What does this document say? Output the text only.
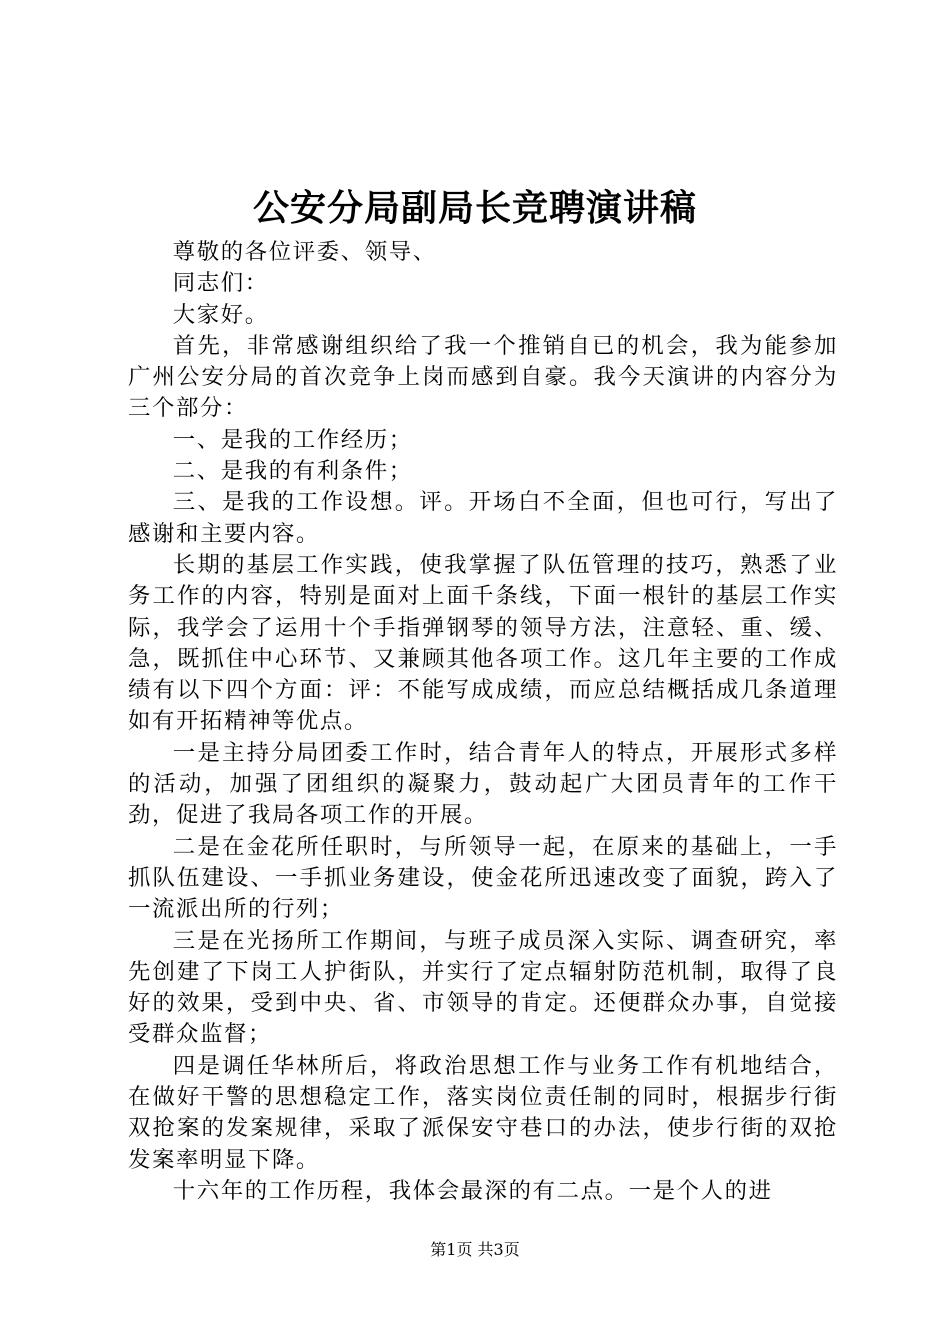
公安分局副局长竞聘演讲稿

尊敬的各位评委、领导、

同志们：

大家好。

首先，非常感谢组织给了我一个推销自已的机会，我为能参加广州公安分局的首次竞争上岗而感到自豪。我今天演讲的内容分为三个部分：

一、是我的工作经历；

二、是我的有利条件；

三、是我的工作设想。评。开场白不全面，但也可行，写出了感谢和主要内容。

长期的基层工作实践，使我掌握了队伍管理的技巧，熟悉了业务工作的内容，特别是面对上面千条线，下面一根针的基层工作实际，我学会了运用十个手指弹钢琴的领导方法，注意轻、重、缓、急，既抓住中心环节、又兼顾其他各项工作。这几年主要的工作成绩有以下四个方面：评：不能写成成绩，而应总结概括成几条道理如有开拓精神等优点。

一是主持分局团委工作时，结合青年人的特点，开展形式多样的活动，加强了团组织的凝聚力，鼓动起广大团员青年的工作干劲，促进了我局各项工作的开展。

二是在金花所任职时，与所领导一起，在原来的基础上，一手抓队伍建设、一手抓业务建设，使金花所迅速改变了面貌，跨入了一流派出所的行列；

三是在光扬所工作期间，与班子成员深入实际、调查研究，率先创建了下岗工人护街队，并实行了定点辐射防范机制，取得了良好的效果，受到中央、省、市领导的肯定。还便群众办事，自觉接受群众监督；

四是调任华林所后，将政治思想工作与业务工作有机地结合，在做好干警的思想稳定工作，落实岗位责任制的同时，根据步行街双抢案的发案规律，采取了派保安守巷口的办法，使步行街的双抢发案率明显下降。

十六年的工作历程，我体会最深的有二点。一是个人的进

第1页 共3页
